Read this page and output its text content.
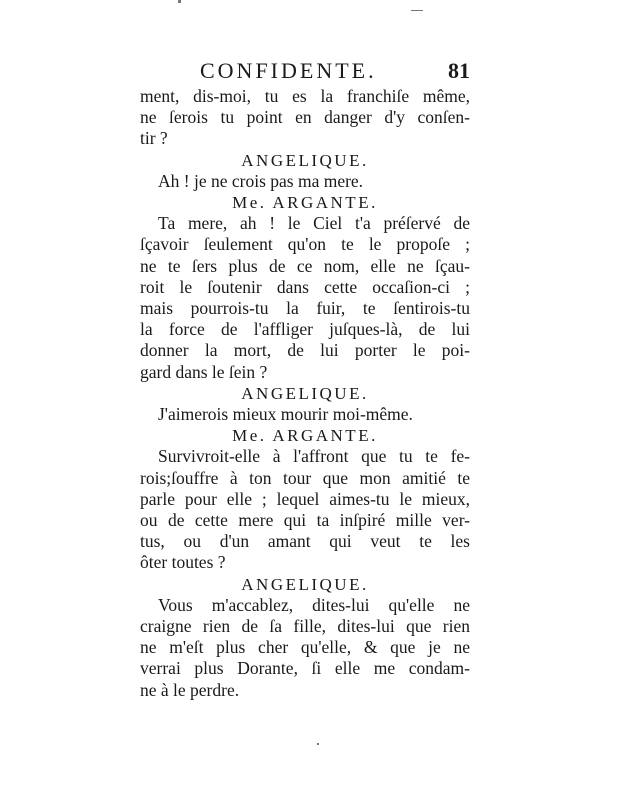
CONFIDENTE.	81
ment, dis-moi, tu es la franchiſe même,
ne ſerois tu point en danger d'y conſen-
tir ?
ANGELIQUE.
Ah ! je ne crois pas ma mere.
Me. ARGANTE.
Ta mere, ah ! le Ciel t'a préſervé de
ſçavoir ſeulement qu'on te le propoſe ;
ne te ſers plus de ce nom, elle ne ſçau-
roit le ſoutenir dans cette occaſion-ci ;
mais pourrois-tu la fuir, te ſentirois-tu
la force de l'affliger juſques-là, de lui
donner la mort, de lui porter le poi-
gard dans le ſein ?
ANGELIQUE.
J'aimerois mieux mourir moi-même.
Me. ARGANTE.
Survivroit-elle à l'affront que tu te fe-
rois;ſouffre à ton tour que mon amitié te
parle pour elle ; lequel aimes-tu le mieux,
ou de cette mere qui ta inſpiré mille ver-
tus, ou d'un amant qui veut te les
ôter toutes ?
ANGELIQUE.
Vous m'accablez, dites-lui qu'elle ne
craigne rien de ſa fille, dites-lui que rien
ne m'eſt plus cher qu'elle, & que je ne
verrai plus Dorante, ſi elle me condam-
ne à le perdre.
